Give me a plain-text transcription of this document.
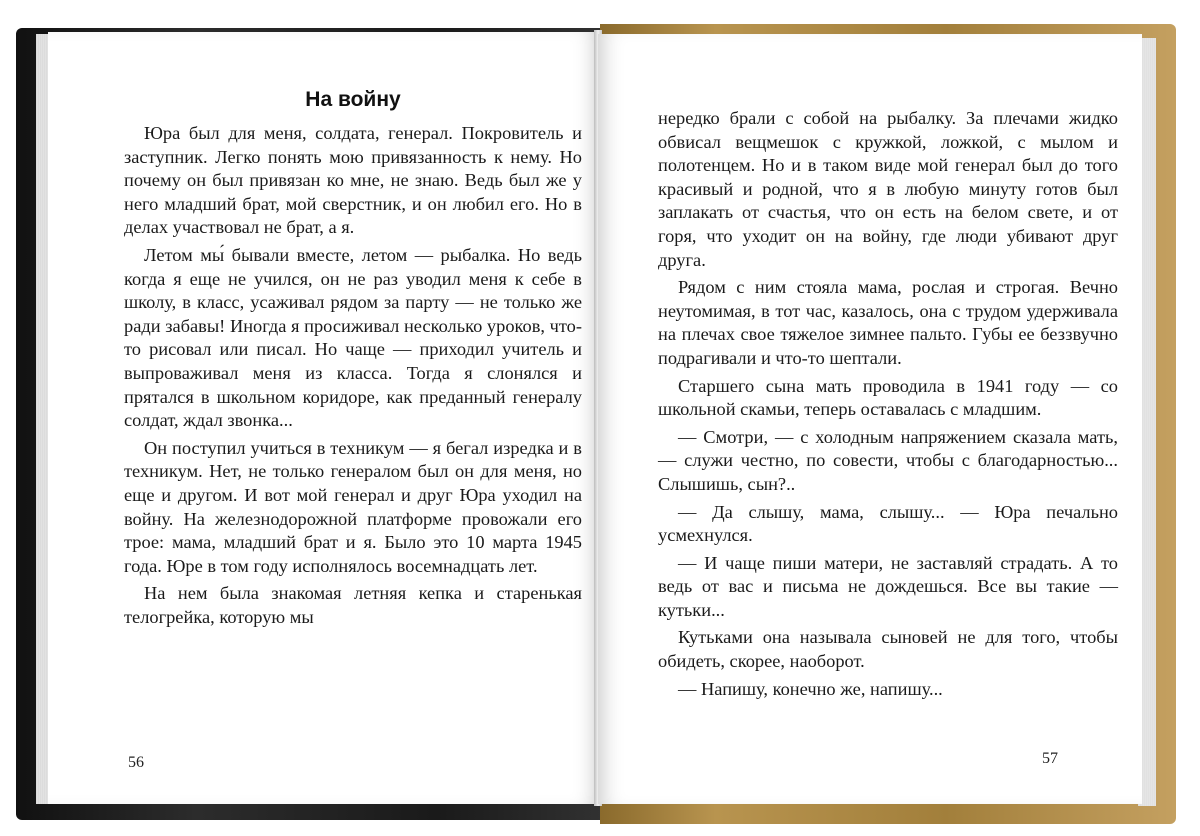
На войну

Юра был для меня, солдата, генерал. Покровитель и заступник. Легко понять мою привязанность к нему. Но почему он был привязан ко мне, не знаю. Ведь был же у него младший брат, мой сверстник, и он любил его. Но в делах участвовал не брат, а я.

Летом мы́ бывали вместе, летом — рыбалка. Но ведь когда я еще не учился, он не раз уводил меня к себе в школу, в класс, усаживал рядом за парту — не только же ради забавы! Иногда я просиживал несколько уроков, что-то рисовал или писал. Но чаще — приходил учитель и выпроваживал меня из класса. Тогда я слонялся и прятался в школьном коридоре, как преданный генералу солдат, ждал звонка...

Он поступил учиться в техникум — я бегал изредка и в техникум. Нет, не только генералом был он для меня, но еще и другом. И вот мой генерал и друг Юра уходил на войну. На железнодорожной платформе провожали его трое: мама, младший брат и я. Было это 10 марта 1945 года. Юре в том году исполнялось восемнадцать лет.

На нем была знакомая летняя кепка и старенькая телогрейка, которую мы

56

нередко брали с собой на рыбалку. За плечами жидко обвисал вещмешок с кружкой, ложкой, с мылом и полотенцем. Но и в таком виде мой генерал был до того красивый и родной, что я в любую минуту готов был заплакать от счастья, что он есть на белом свете, и от горя, что уходит он на войну, где люди убивают друг друга.

Рядом с ним стояла мама, рослая и строгая. Вечно неутомимая, в тот час, казалось, она с трудом удерживала на плечах свое тяжелое зимнее пальто. Губы ее беззвучно подрагивали и что-то шептали.

Старшего сына мать проводила в 1941 году — со школьной скамьи, теперь оставалась с младшим.

— Смотри, — с холодным напряжением сказала мать, — служи честно, по совести, чтобы с благодарностью... Слышишь, сын?..

— Да слышу, мама, слышу... — Юра печально усмехнулся.

— И чаще пиши матери, не заставляй страдать. А то ведь от вас и письма не дождешься. Все вы такие — кутьки...

Кутьками она называла сыновей не для того, чтобы обидеть, скорее, наоборот.

— Напишу, конечно же, напишу...

57
